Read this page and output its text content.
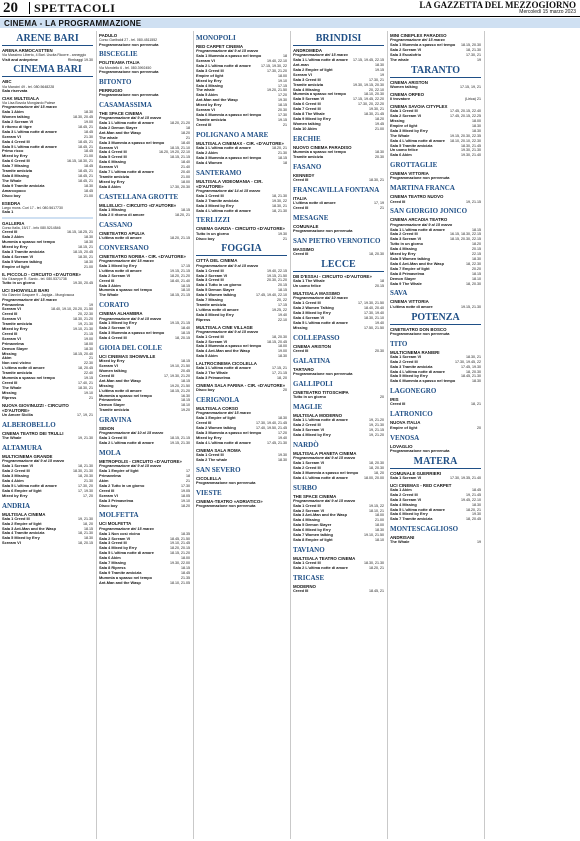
20	SPETTACOLI	LA GAZZETTA DEL MEZZOGIORNO
Mercoledì 15 marzo 2023
CINEMA - LA PROGRAMMAZIONE
ARENE BARI
ARENA ARMOCASTTEN
Via Massimo Liberto, 4 Bari. Uscita Ricorre - anneggio
Visit and anteprime	Rimbaggi 19.30
CINEMA BARI
ABC
Via Mancini 49 - tel. 080.5648228
Sala riservata
CIAK MULTISALA
Via Lisa Bovola Mongiardo Palese
Programmazione del 15 marzo
Sala 1 Akim	18.30
Women talking	18.30, 20.45
Sala 2 Scream VI	19.00
Il ritorno di tigre	18.45, 21
Sala 3 L'ultima notte di amore	18.45
Scream VI	21.30
Sala 4 Creed III	18.45, 21
Sala 5 L'ultima notte di amore	18.45, 21
Primo ricco	18.45
Mixed by Erry	21.00
Sala 6 Creed III	16.15, 18.30, 21
Sala 7 Missing	18.45
Tramite amicizia	18.45, 21
Sala 8 Missing	18.45, 21
The Whale	18.45, 21
Sala 9 Tramite amicizia	18.30
Amarcopoco	18.45
Disco boy	21.00
ESEDRA
Largo mons. Curi 17 - tel. 080.5617730
Sala 1
GALLERIA
Corso Italia, 15/17 - info 080.5214546
Creed III	16.15, 18.25, 21
Sala 2 Akim	18.30
Mummia a spasso nel tempo	18.30
Mixed by Erry	18.15, 21
Sala 3 Tramite amicizia	18.15, 20.45
Sala 4 Scream VI	18.30, 21
Sala 5 Women talking	18.30
Empire of light	21.00
IL PICCOLO - CIRCUITO «D'AUTORE»
Via Giuseppe R. Santo - tel. 080.5371738
Tutto in un giorno	19.30, 20.45
UCI SHOWVILLE BARI
Via Giannini Gaspare 9 - Japigia - Mungivacca
Programmazione del 15 marzo
Primavelma	19
Scream VI	18.40, 19.10, 20.20, 21.50
Creed III	20, 22.30
Scream VI	18.30, 21.20
Tramite amicizia	19, 21.30
Mixed by Erry	19.10, 21.30
Creed III	21.15
Scream VI	19.00
Primavelma	18.00
Demon Slayer	18.30
Missing	18.15, 20.40
Akim	21
Non così vicino	22.30
L'ultima notte di amore	18, 20.45
Tramite amicizia	22.40
Mummia a spasso nel tempo	19.15
Creed III	17.40, 21
The Whale	18.30, 21
Missing	19.10
Ripress	21
NUOVA GIOVINUZZI - CIRCUITO «D'AUTORE»
Un Amore Sicilia	17, 19, 21
ALBEROBELLO
CINEMA TEATRO DEI TRULLI
The Whale	19, 21.30
ALTAMURA
MULTICINEMA GRANDE
Programmazione dal 9 al 15 marzo
Sala 1 Scream VI	18, 21.30
Sala 2 Creed III	18.30, 21.30
Sala 3 Missing	18, 20.30
Sala 4 Akim	21.30
Sala 5 L'ultima notte di amore	17.30, 20
Sala 6 Empire of light	17, 19.30
Mixed by Erry	17, 20
ANDRIA
MULTISALA CINEMA
Sala 1 Creed III	19, 21.30
Sala 2 Empire of light	18, 20
Sala 3 Ant-Man and the Wasp	18.15
Sala 4 Tramite amicizia	18, 21.30
Sala 5 Mixed by Erry	18.30
Scream VI	18, 20.15
PADULO
Corso Garibaldi 27 - tel. 080.4511552
Programmazione non pervenuta
BISCEGLIE
POLITEAMA ITALIA
Via Mondello 6 - tel. 080.3992450
Programmazione non pervenuta
BITONTO
PERRUGIO
Programmazione non pervenuta
CASAMASSIMA
THE SPACE CINEMA
Programmazione dal 9 al 15 marzo
Sala 1 L'ultima notte di amore	18.20, 21.20
Sala 2 Demon Slayer	18
Ant-Man and the Wasp	18.20
The whale	21
Sala 3 Mummia a spasso nel tempo	18.40
Scream VI	18.15, 21.10
Sala 4 Creed III	16.20, 19.20, 22.10
Sala 5 Creed III	18.15, 21.15
Sala 6 Missing	18.40
Scream VI	21.40
Sala 7 L'ultima notte di amore	20.40
Tramite amicizia	21.00
Mixed by Erry	18.00
Sala 8 Akim	17.30, 20.30
CASTELLANA GROTTE
MILLELUCI - CIRCUITO «D'AUTORE»
Sala 1 Missing	18.15
Sala 2 Il ritorno di amore	18.20, 21
CASSANO
CINETEATRO APULIA
L'ultima notte di amore	18.20, 21.15
CONVERSANO
CINETEATRO NORBA - CIR. «D'AUTORE»
Programmazione del 15 marzo
Sala 1 Mixed by Erry	17.15
L'ultima notte di amore	19.15, 21.15
Sala 2 Scream VI	18.20, 21.20
Creed III	18.40, 21.40
Sala 3 Akim	18.15
Mummia a spasso nel tempo	18.10
The Whale	18.15, 21.15
CORATO
CINEMA ALHAMBRA
Programmazione dal 9 al 15 marzo
Sala 1 Mixed by Erry	19.15, 21.15
Sala 2 Scream VI	18.40
Sala 3 Mummia a spasso nel tempo	18.15
Sala 4 Creed III	18, 20.15
GIOIA DEL COLLE
UCI CINEMAS SHOWVILLE
Mixed by Erry	18.15
Scream VI	19.10, 21.50
Women talking	20.45
Creed III	17, 19.30, 21.20
Ant-Man and the Wasp	18.15
Missing	19.20, 21.50
L'ultima notte di amore	18.15, 21.20
Mummia a spasso nel tempo	16.30
Primavelma	18.15
Demon Slayer	18.10
Tramite amicizia	19.20
GRAVINA
SIDION
Programmazione dal 10 al 15 marzo
Sala 1 Creed III	18.15, 21.15
Sala 2 L'ultima notte di amore	19.15, 21.30
MOLA
METROPOLIS - CIRCUITO «D'AUTORE»
Programmazione dal 9 al 15 marzo
Sala 1 Empire of light	17
Primavelma	18
Akim	21
Sala 2 Tutto in un giorno	17.30
Creed III	19.05
Scream VI	18.05
Sala 3 Primavelma	19.10
Disco boy	18.20
MOLFETTA
UCI MOLFETTA
Programmazione del 15 marzo
Sala 1 Non così vicino	18.35
Sala 2 Scream VI	18.45, 21.50
Sala 3 Creed III	19.10, 21.45
Sala 4 Mixed by Erry	18.20, 20.15
Sala 5 L'ultima notte di amore	18.15, 21.20
Sala 6 Akim	18.00
Sala 7 Missing	19.30, 22.00
Sala 8 Ripress	18.15
Sala 9 Tramite amicizia	18.45
Mummia a spasso nel tempo	21.35
Ant-Man and the Wasp	18.10, 21.05
MONOPOLI
RED CARPET CINEMA
Programmazione dal 9 al 15 marzo
Sala 1 Mummia a spasso nel tempo	18
Scream VI	19.40, 22.10
Sala 2 L'ultima notte di amore	17.15, 19.30, 22
Sala 3 Creed III	17.30, 21.20
Empire of light	18.00
Mixed by Erry	19.10
Sala 4 Missing	17.15
The whale	19.20, 21.50
Sala 5 Akim	17.20
Ant-Man and the Wasp	19.30
Mixed by Erry	18.15
Scream VI	20.30
Sala 6 Mummia a spasso nel tempo	17.30
Tramite amicizia	19.15
Creed III	21
POLIGNANO A MARE
MULTISALA CINEMAX - CIR. «D'AUTORE»
Sala 1 L'ultima notte di amore	18.20, 21
Sala 2 Akim	21.30
Sala 3 Mummia a spasso nel tempo	18.15
Sala 4 Women	18
SANTERAMO
MULTISALA VIDEOMANIA - CIR. «D'AUTORE»
Programmazione dal 14 al 15 marzo
Sala 1 Creed III	18, 21.30
Sala 2 Tramite amicizia	19.30, 22
Sala 3 Mixed by Erry	18.30, 21
Sala 4 L'ultima notte di amore	18, 21.30
TERLIZZI
CINEMA GARZIA - CIRCUITO «D'AUTORE»
Tutto in un giorno	19.30
Disco boy	21
FOGGIA
CITTÀ DEL CINEMA
Programmazione dal 9 al 15 marzo
Sala 1 Creed III	19.40, 22.15
Sala 2 Scream VI	19.15, 21.50
Sala 3 Creed III	20.30, 21.20
Sala 4 Tutto in un giorno	20.15
Sala 5 Demon Slayer	18.15
Sala 6 Women talking	17.45, 19.40, 22.10
Sala 7 Missing	20, 22
Tramite amicizia	17.15
L'ultima notte di amore	19.25, 22
Sala 8 Mixed by Erry	19.40
Ripress	22.10
MULTISALA CINE VILLAGE
Programmazione dal 9 al 15 marzo
Sala 1 Creed III	18, 20.30
Sala 2 Scream VI	18.15, 20.45
Sala 3 Mummia a spasso nel tempo	18.00
Sala 4 Ant-Man and the Wasp	19.00
Sala 5 Akim	18.30
LALTROCINEMA CICOLELLA
Sala 1 L'ultima notte di amore	17.15, 21
Sala 2 The Whale	17, 21.15
Sala 3 Primavelma	18, 20
CINEMA SALA FARINA - CIR. «D'AUTORE»
Disco boy	20
CERIGNOLA
MULTISALA CORSO
Programmazione del 15 marzo
Sala 1 Empire of light	18.30
Creed III	17.30, 19.40, 21.45
Sala 2 Women talking	17.40, 19.50, 21.45
Sala 3 Mummia a spasso nel tempo	17.20
Mixed by Erry	19.40
Sala 4 L'ultima notte di amore	17.45, 21.30
CINEMA SALA ROMA
Sala 1 Creed III	19.30
Sala 2 The whale	18.30
SAN SEVERO
CICOLELLA
Programmazione non pervenuta
VIESTE
CINEMA-TEATRO «ADRIATICO»
Programmazione non pervenuta
BRINDISI
ANDROMEDA
Programmazione del 15 marzo
Sala 1 L'ultima notte di amore 17.15, 19.45, 22.15
Ant-man	18.30
Sala 2 Empire of light	19.15
Scream VI	19
Sala 3 Creed III	17.30, 21
Tramite amicizia	19.30, 19.15, 20.30
Sala 4 Missing	20, 22.10
Mummia a spasso nel tempo	18.10, 20.30
Sala 5 Scream VI	17.15, 19.45, 22.20
Sala 6 Creed III	17.30, 20, 22.20
Sala 7 Creed III	19.30, 21
Sala 8 The Whale	18.30, 21.45
Sala 9 Mixed by Erry	18.20
Women talking	19.45
Sala 10 Akim	21.00
ERCHIE
NUOVO CINEMA PARADISO
Mummia a spasso nel tempo	18.30
Tramite amicizia	20.30
FASANO
KENNEDY
Creed III	18.30, 21
FRANCAVILLA FONTANA
ITALIA
L'ultima notte di amore	17, 19
Creed III	21
MESAGNE
COMUNALE
Programmazione non pervenuta
SAN PIETRO VERNOTICO
MASSIMO
Creed III	18, 20.30
LECCE
DB D'ESSAI - CIRCUITO «D'AUTORE»
Sala 1 The Whale	18
Un uomo felice	20.15
MULTISALA MASSIMO
Programmazione dal 10 marzo
Sala 1 Creed III	17, 19.30, 21.50
Sala 2 Women Talking	18.40, 20.40
Sala 3 Mixed by Erry	17.30, 19.40
Sala 4 Scream VI	18.30, 21.10
Sala 5 L'ultima notte di amore	19.40
Missing	17.50, 21.50
COLLEPASSO
CINEMA ARISTON
Creed III	20.30
GALATINA
TARTARO
Programmazione non pervenuta
GALLIPOLI
CINETEATRO TITOSCHIPA
Tutto in un giorno	20
MAGLIE
MULTISALA MODERNO
Sala 1 L'ultima notte di amore	19, 21.20
Sala 2 Creed III	19, 21.30
Sala 3 Scream VI	19, 21.15
Sala 4 Mixed by Erry	19, 21.20
NARDÒ
MULTISALA PIANETA CINEMA
Programmazione dal 9 al 15 marzo
Sala 1 Scream VI	18, 20.30
Sala 2 Creed III	18, 20.30
Sala 3 Mummia a spasso nel tempo	18, 20
Sala 4 L'ultima notte di amore	18.00, 20.00
SURBO
THE SPACE CINEMA
Programmazione dal 9 al 15 marzo
Sala 1 Creed III	19.15, 22
Sala 2 Scream VI	18.10, 21
Sala 3 Ant-Man and the Wasp	18.00
Sala 4 Missing	21.00
Sala 5 Demon Slayer	18.00
Sala 6 Mixed by Erry	18.30
Sala 7 Women talking	19.10, 21.50
Sala 8 Empire of light	18.10
TAVIANO
MULTISALA TEATRO CINEMA
Sala 1 Creed III	18.30, 21.30
Sala 2 L'ultima notte di amore	18.20, 21
TRICASE
MODERNO
Creed III	18.45, 21
MINI CINEPLEX PARADISO
Programmazione del 15 marzo
Sala 1 Mummia a spasso nel tempo 18.15, 20.30
Sala 2 Scream VI	18, 21.30
Sala 3 Escalofrio	17.30, 21
The whale	19
TARANTO
CINEMA ARISTON
Women talking	17.15, 19, 21
CINEMA ORFEO
Il trovatore	(Lirica) 21
CINEMA SAVOIA CITYPLEX
Sala 1 Creed III	17.45, 20.15, 22.40
Sala 2 Scream VI	17.45, 20.15, 22.25
Missing	18.00
Empire of light	18.30
Sala 3 Mixed by Erry	18.30
The Whale	19.15, 20.30, 22.35
Sala 4 L'ultima notte di amore 18.10, 20.10, 22.30
Sala 5 Tramite amicizia	18.30, 21.45
Un uomo felice	19.30, 21.30
Sala 6 Akim	19.30, 21.40
GROTTAGLIE
CINEMA VITTORIA
Programmazione non pervenuta
MARTINA FRANCA
CINEMA TEATRO NUOVO
Creed III	19, 21.15
SAN GIORGIO JONICO
CINEMA ARCADIA TEATRO
Programmazione dal 9 al 15 marzo
Sala 1 L'ultima notte di amore	18.15
Sala 2 Creed III	16.15, 18.30, 22.15
Sala 3 Scream VI	18.15, 20.30, 22.15
Tutto in un giorno	18.20
Sala 4 Missing	20.15
Mixed by Erry	22.15
Sala 5 Women talking	18.30
Sala 6 Ant-Man and the Wasp	18, 22.30
Sala 7 Empire of light	20.20
Sala 8 Primavelma	18.15
Demon Slayer	18.10
Sala 9 The Whale	18, 20.30
SAVA
CINEMA VITTORIA
L'ultima notte di amore	19.15, 21.30
POTENZA
CINETEATRO DON BOSCO
Programmazione non pervenuta
TITO
MULTICINEMA RANIERI
Sala 1 Scream VI	18.30, 21
Sala 2 Creed III	17.30, 19.45, 22
Sala 3 Tramite amicizia	17.45, 19.30
Sala 4 L'ultima notte di amore	18, 20.30
Sala 5 Mixed by Erry	18.45, 21.30
Sala 6 Mummia a spasso nel tempo	18.30
LAGONEGRO
IRIS
Creed III	18, 21
LATRONICO
NUOVA ITALIA
Empire of light	20
VENOSA
LOVAGLIO
Programmazione non pervenuta
MATERA
COMUNALE GUERRIERI
Sala 1 Scream VI	17.30, 19.35, 21.40
UCI CINEMAS - RED CARPET
Sala 1 Akim	18.45
Sala 2 Creed III	19, 21.45
Sala 3 Scream VI	19.45, 22.10
Sala 4 Missing	18.30
Sala 5 L'ultima notte di amore	18.20, 21
Sala 6 Mixed by Erry	19.30
Sala 7 Tramite amicizia	18, 20.45
MONTESCAGLIOSO
ANDRISANI
The Whale	19
